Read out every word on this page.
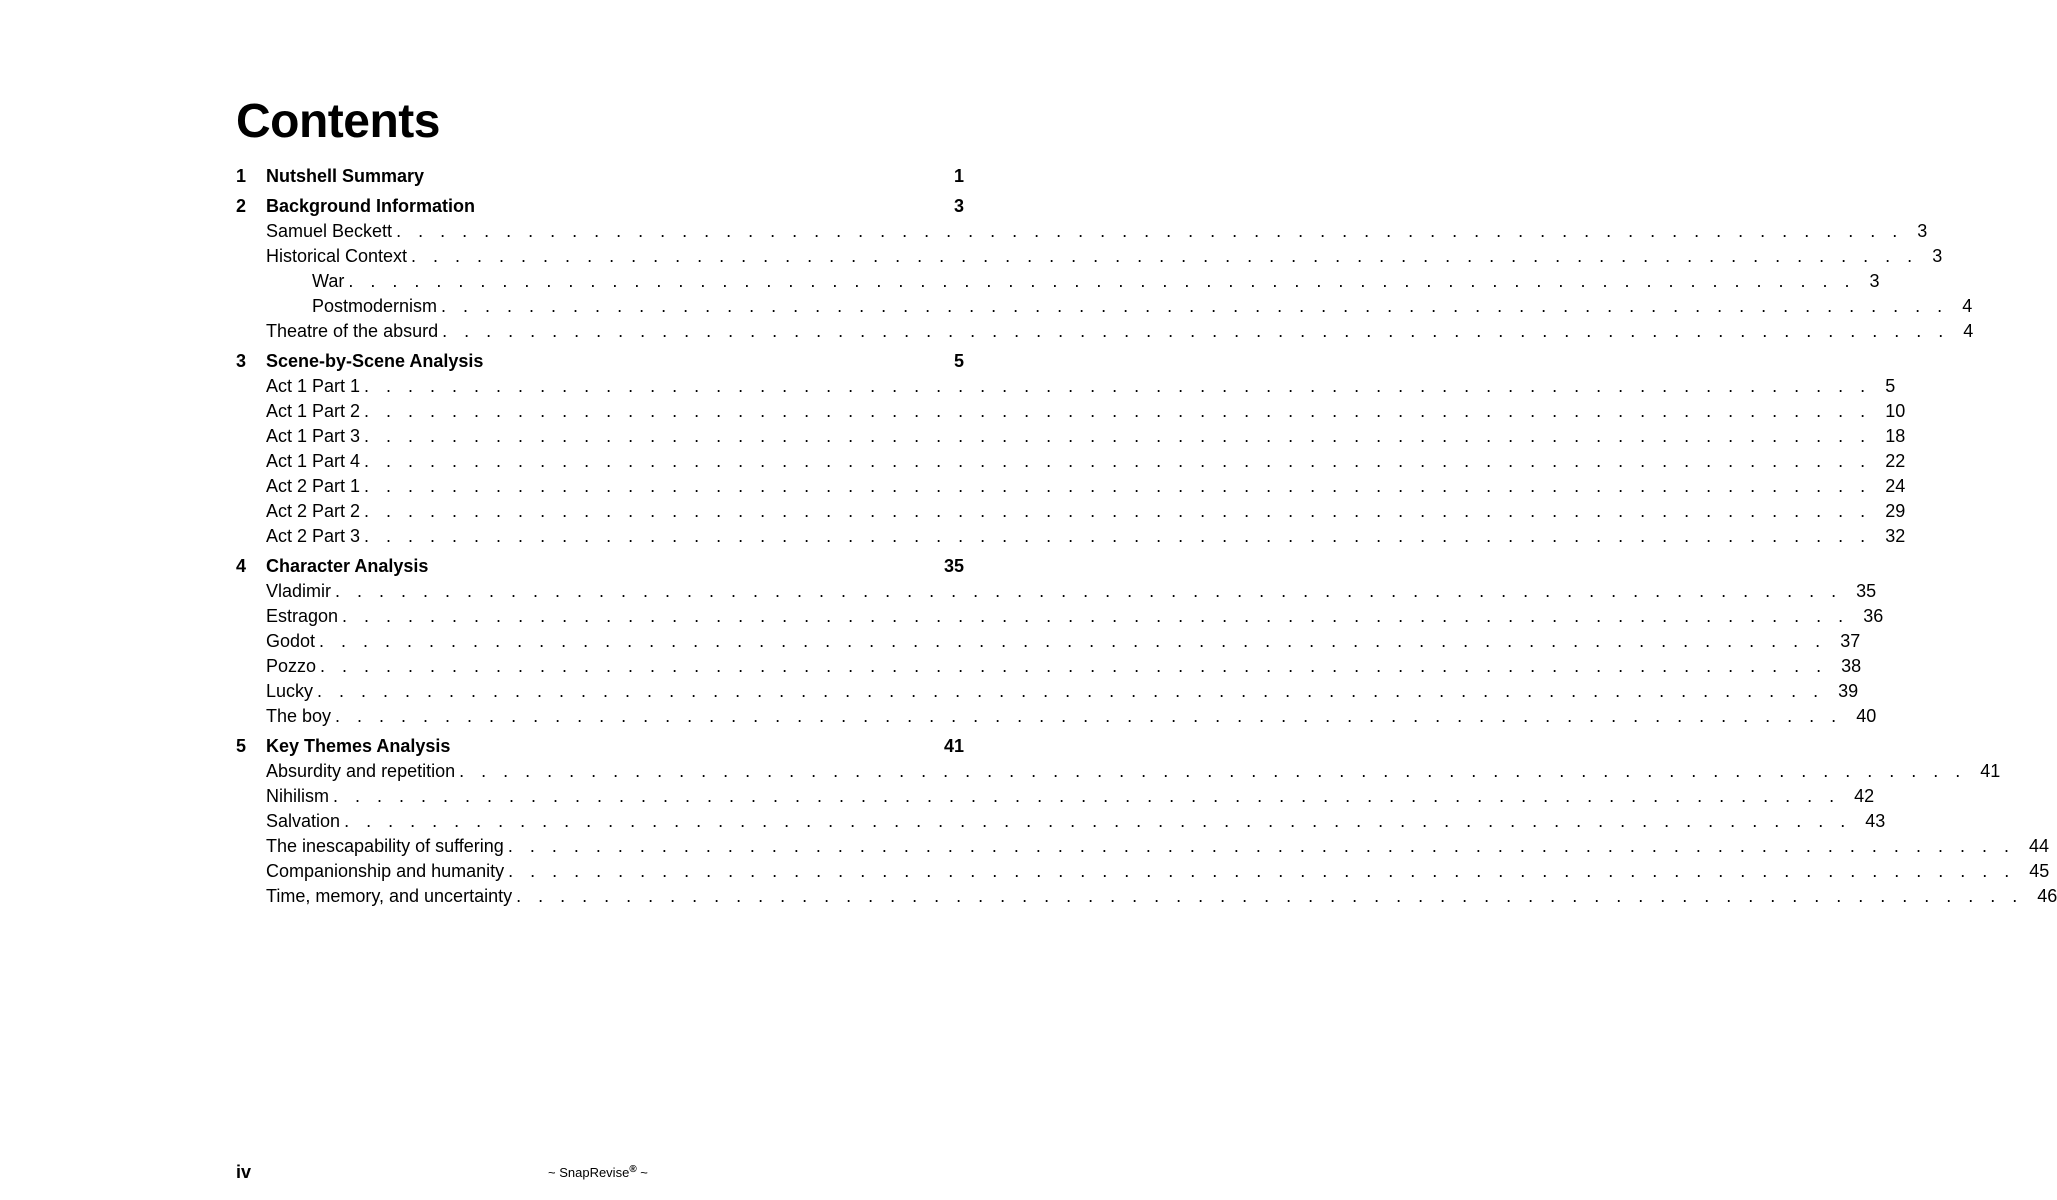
Contents
1 Nutshell Summary	1
2 Background Information	3
Samuel Beckett . . . . . . . . . . . . . . . . . . . . . . . . . . . . . . . . . . . . . . . . . . . . . . . . . . . . . . . . . . . . . . . . . . . . . 3
Historical Context . . . . . . . . . . . . . . . . . . . . . . . . . . . . . . . . . . . . . . . . . . . . . . . . . . . . . . . . . . . . . . . . . . . . . 3
War . . . . . . . . . . . . . . . . . . . . . . . . . . . . . . . . . . . . . . . . . . . . . . . . . . . . . . . . . . . . . . . . . . . . . 3
Postmodernism . . . . . . . . . . . . . . . . . . . . . . . . . . . . . . . . . . . . . . . . . . . . . . . . . . . . . . . . . . . . . . . . . . . . . 4
Theatre of the absurd . . . . . . . . . . . . . . . . . . . . . . . . . . . . . . . . . . . . . . . . . . . . . . . . . . . . . . . . . . . . . . . . . . . . . 4
3 Scene-by-Scene Analysis	5
Act 1 Part 1 . . . . . . . . . . . . . . . . . . . . . . . . . . . . . . . . . . . . . . . . . . . . . . . . . . . . . . . . . . . . . . . . . . . . . 5
Act 1 Part 2 . . . . . . . . . . . . . . . . . . . . . . . . . . . . . . . . . . . . . . . . . . . . . . . . . . . . . . . . . . . . . . . . . . . . . 10
Act 1 Part 3 . . . . . . . . . . . . . . . . . . . . . . . . . . . . . . . . . . . . . . . . . . . . . . . . . . . . . . . . . . . . . . . . . . . . . 18
Act 1 Part 4 . . . . . . . . . . . . . . . . . . . . . . . . . . . . . . . . . . . . . . . . . . . . . . . . . . . . . . . . . . . . . . . . . . . . . 22
Act 2 Part 1 . . . . . . . . . . . . . . . . . . . . . . . . . . . . . . . . . . . . . . . . . . . . . . . . . . . . . . . . . . . . . . . . . . . . . 24
Act 2 Part 2 . . . . . . . . . . . . . . . . . . . . . . . . . . . . . . . . . . . . . . . . . . . . . . . . . . . . . . . . . . . . . . . . . . . . . 29
Act 2 Part 3 . . . . . . . . . . . . . . . . . . . . . . . . . . . . . . . . . . . . . . . . . . . . . . . . . . . . . . . . . . . . . . . . . . . . . 32
4 Character Analysis	35
Vladimir . . . . . . . . . . . . . . . . . . . . . . . . . . . . . . . . . . . . . . . . . . . . . . . . . . . . . . . . . . . . . . . . . . . . . 35
Estragon . . . . . . . . . . . . . . . . . . . . . . . . . . . . . . . . . . . . . . . . . . . . . . . . . . . . . . . . . . . . . . . . . . . . . 36
Godot . . . . . . . . . . . . . . . . . . . . . . . . . . . . . . . . . . . . . . . . . . . . . . . . . . . . . . . . . . . . . . . . . . . . . 37
Pozzo . . . . . . . . . . . . . . . . . . . . . . . . . . . . . . . . . . . . . . . . . . . . . . . . . . . . . . . . . . . . . . . . . . . . . 38
Lucky . . . . . . . . . . . . . . . . . . . . . . . . . . . . . . . . . . . . . . . . . . . . . . . . . . . . . . . . . . . . . . . . . . . . . 39
The boy . . . . . . . . . . . . . . . . . . . . . . . . . . . . . . . . . . . . . . . . . . . . . . . . . . . . . . . . . . . . . . . . . . . . . 40
5 Key Themes Analysis	41
Absurdity and repetition . . . . . . . . . . . . . . . . . . . . . . . . . . . . . . . . . . . . . . . . . . . . . . . . . . . . . . . . . . . . . . . . . . . . . 41
Nihilism . . . . . . . . . . . . . . . . . . . . . . . . . . . . . . . . . . . . . . . . . . . . . . . . . . . . . . . . . . . . . . . . . . . . . 42
Salvation . . . . . . . . . . . . . . . . . . . . . . . . . . . . . . . . . . . . . . . . . . . . . . . . . . . . . . . . . . . . . . . . . . . . . 43
The inescapability of suffering . . . . . . . . . . . . . . . . . . . . . . . . . . . . . . . . . . . . . . . . . . . . . . . . . . . . . . . . . . . . . . . . . . . . . 44
Companionship and humanity . . . . . . . . . . . . . . . . . . . . . . . . . . . . . . . . . . . . . . . . . . . . . . . . . . . . . . . . . . . . . . . . . . . . . 45
Time, memory, and uncertainty . . . . . . . . . . . . . . . . . . . . . . . . . . . . . . . . . . . . . . . . . . . . . . . . . . . . . . . . . . . . . . . . . . . . . 46
iv	~ SnapRevise® ~
